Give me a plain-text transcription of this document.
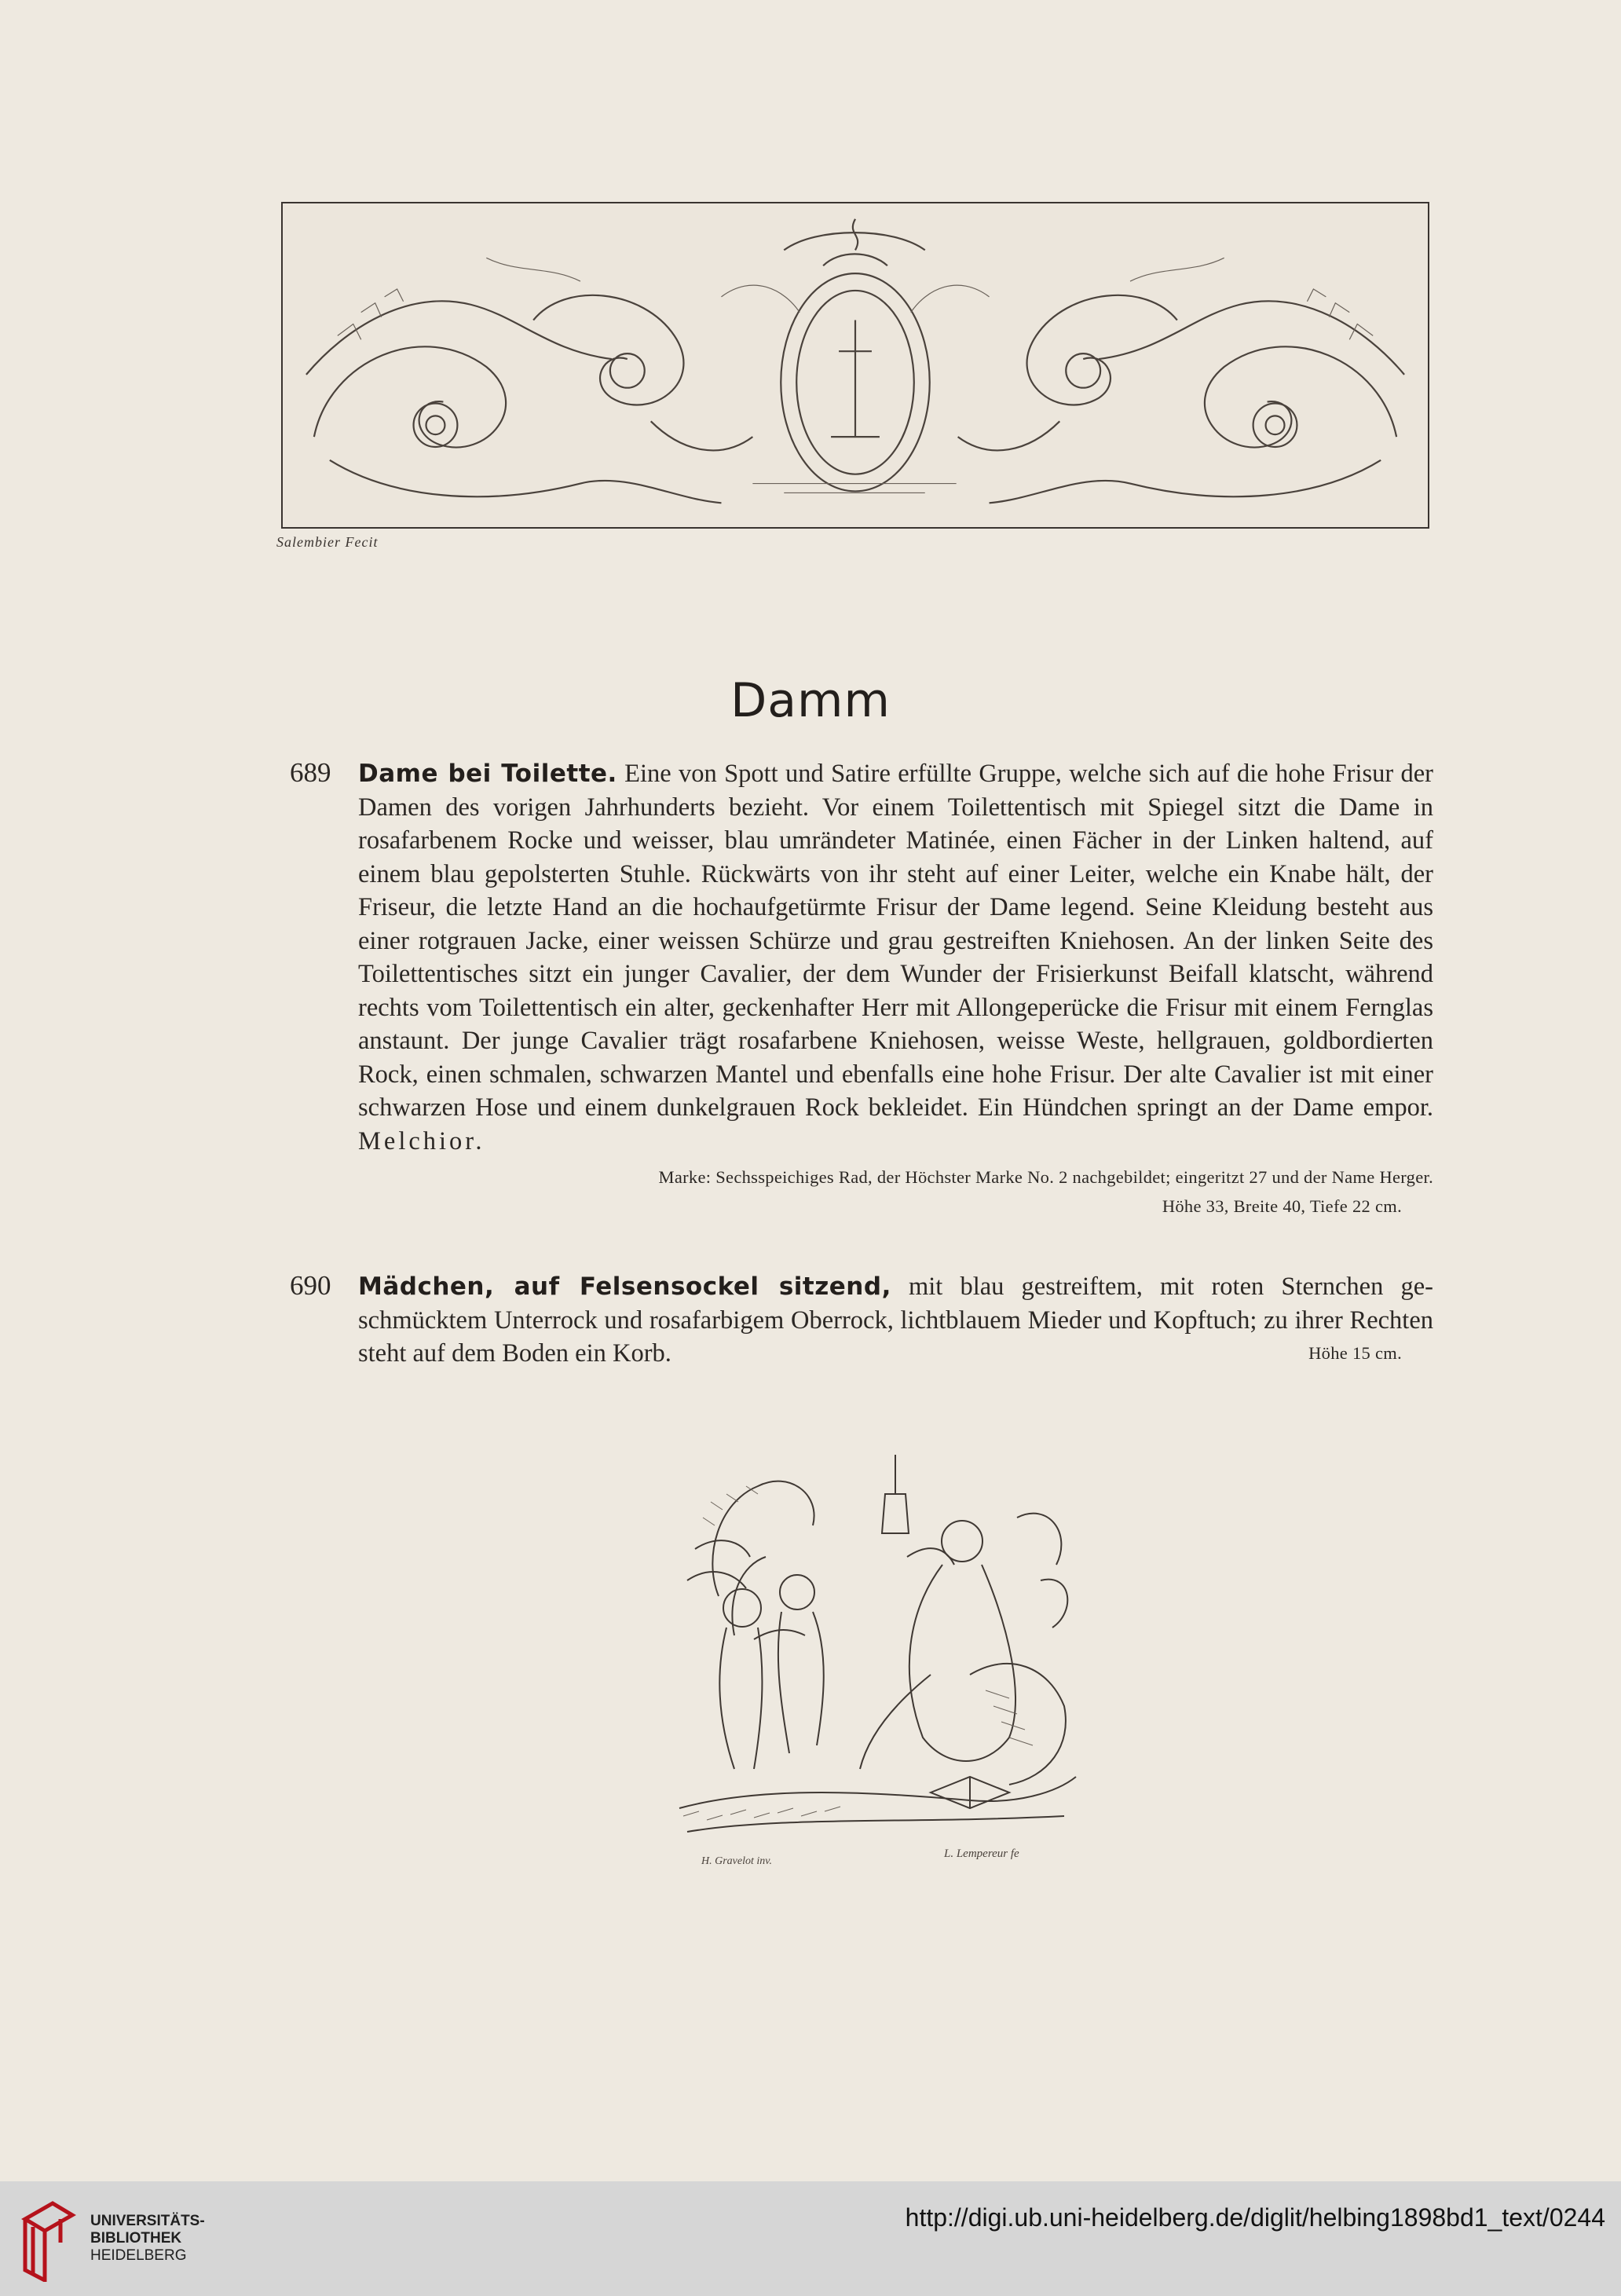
Salembier Fecit
Damm
689 Dame bei Toilette. Eine von Spott und Satire erfüllte Gruppe, welche sich auf die hohe Frisur der Damen des vorigen Jahrhunderts bezieht. Vor einem Toilettentisch mit Spiegel sitzt die Dame in rosafarbenem Rocke und weisser, blau umrändeter Matinée, einen Fächer in der Linken haltend, auf einem blau gepolsterten Stuhle. Rückwärts von ihr steht auf einer Leiter, welche ein Knabe hält, der Friseur, die letzte Hand an die hochaufgetürmte Frisur der Dame legend. Seine Kleidung besteht aus einer rotgrauen Jacke, einer weissen Schürze und grau gestreiften Kniehosen. An der linken Seite des Toilettentisches sitzt ein junger Cavalier, der dem Wunder der Frisierkunst Beifall klatscht, während rechts vom Toilettentisch ein alter, geckenhafter Herr mit Allongeperücke die Frisur mit einem Fernglas anstaunt. Der junge Cavalier trägt rosafarbene Kniehosen, weisse Weste, hellgrauen, goldbordierten Rock, einen schmalen, schwarzen Mantel und ebenfalls eine hohe Frisur. Der alte Cavalier ist mit einer schwarzen Hose und einem dunkelgrauen Rock bekleidet. Ein Hündchen springt an der Dame empor. Melchior.
Marke: Sechsspeichiges Rad, der Höchster Marke No. 2 nachgebildet; eingeritzt 27 und der Name Herger.
Höhe 33, Breite 40, Tiefe 22 cm.
690 Mädchen, auf Felsensockel sitzend, mit blau gestreiftem, mit roten Sternchen geschmücktem Unterrock und rosafarbigem Oberrock, lichtblauem Mieder und Kopftuch; zu ihrer Rechten steht auf dem Boden ein Korb.	Höhe 15 cm.
H. Gravelot inv.
L. Lempereur fe
UNIVERSITÄTS-
BIBLIOTHEK
HEIDELBERG
http://digi.ub.uni-heidelberg.de/diglit/helbing1898bd1_text/0244
